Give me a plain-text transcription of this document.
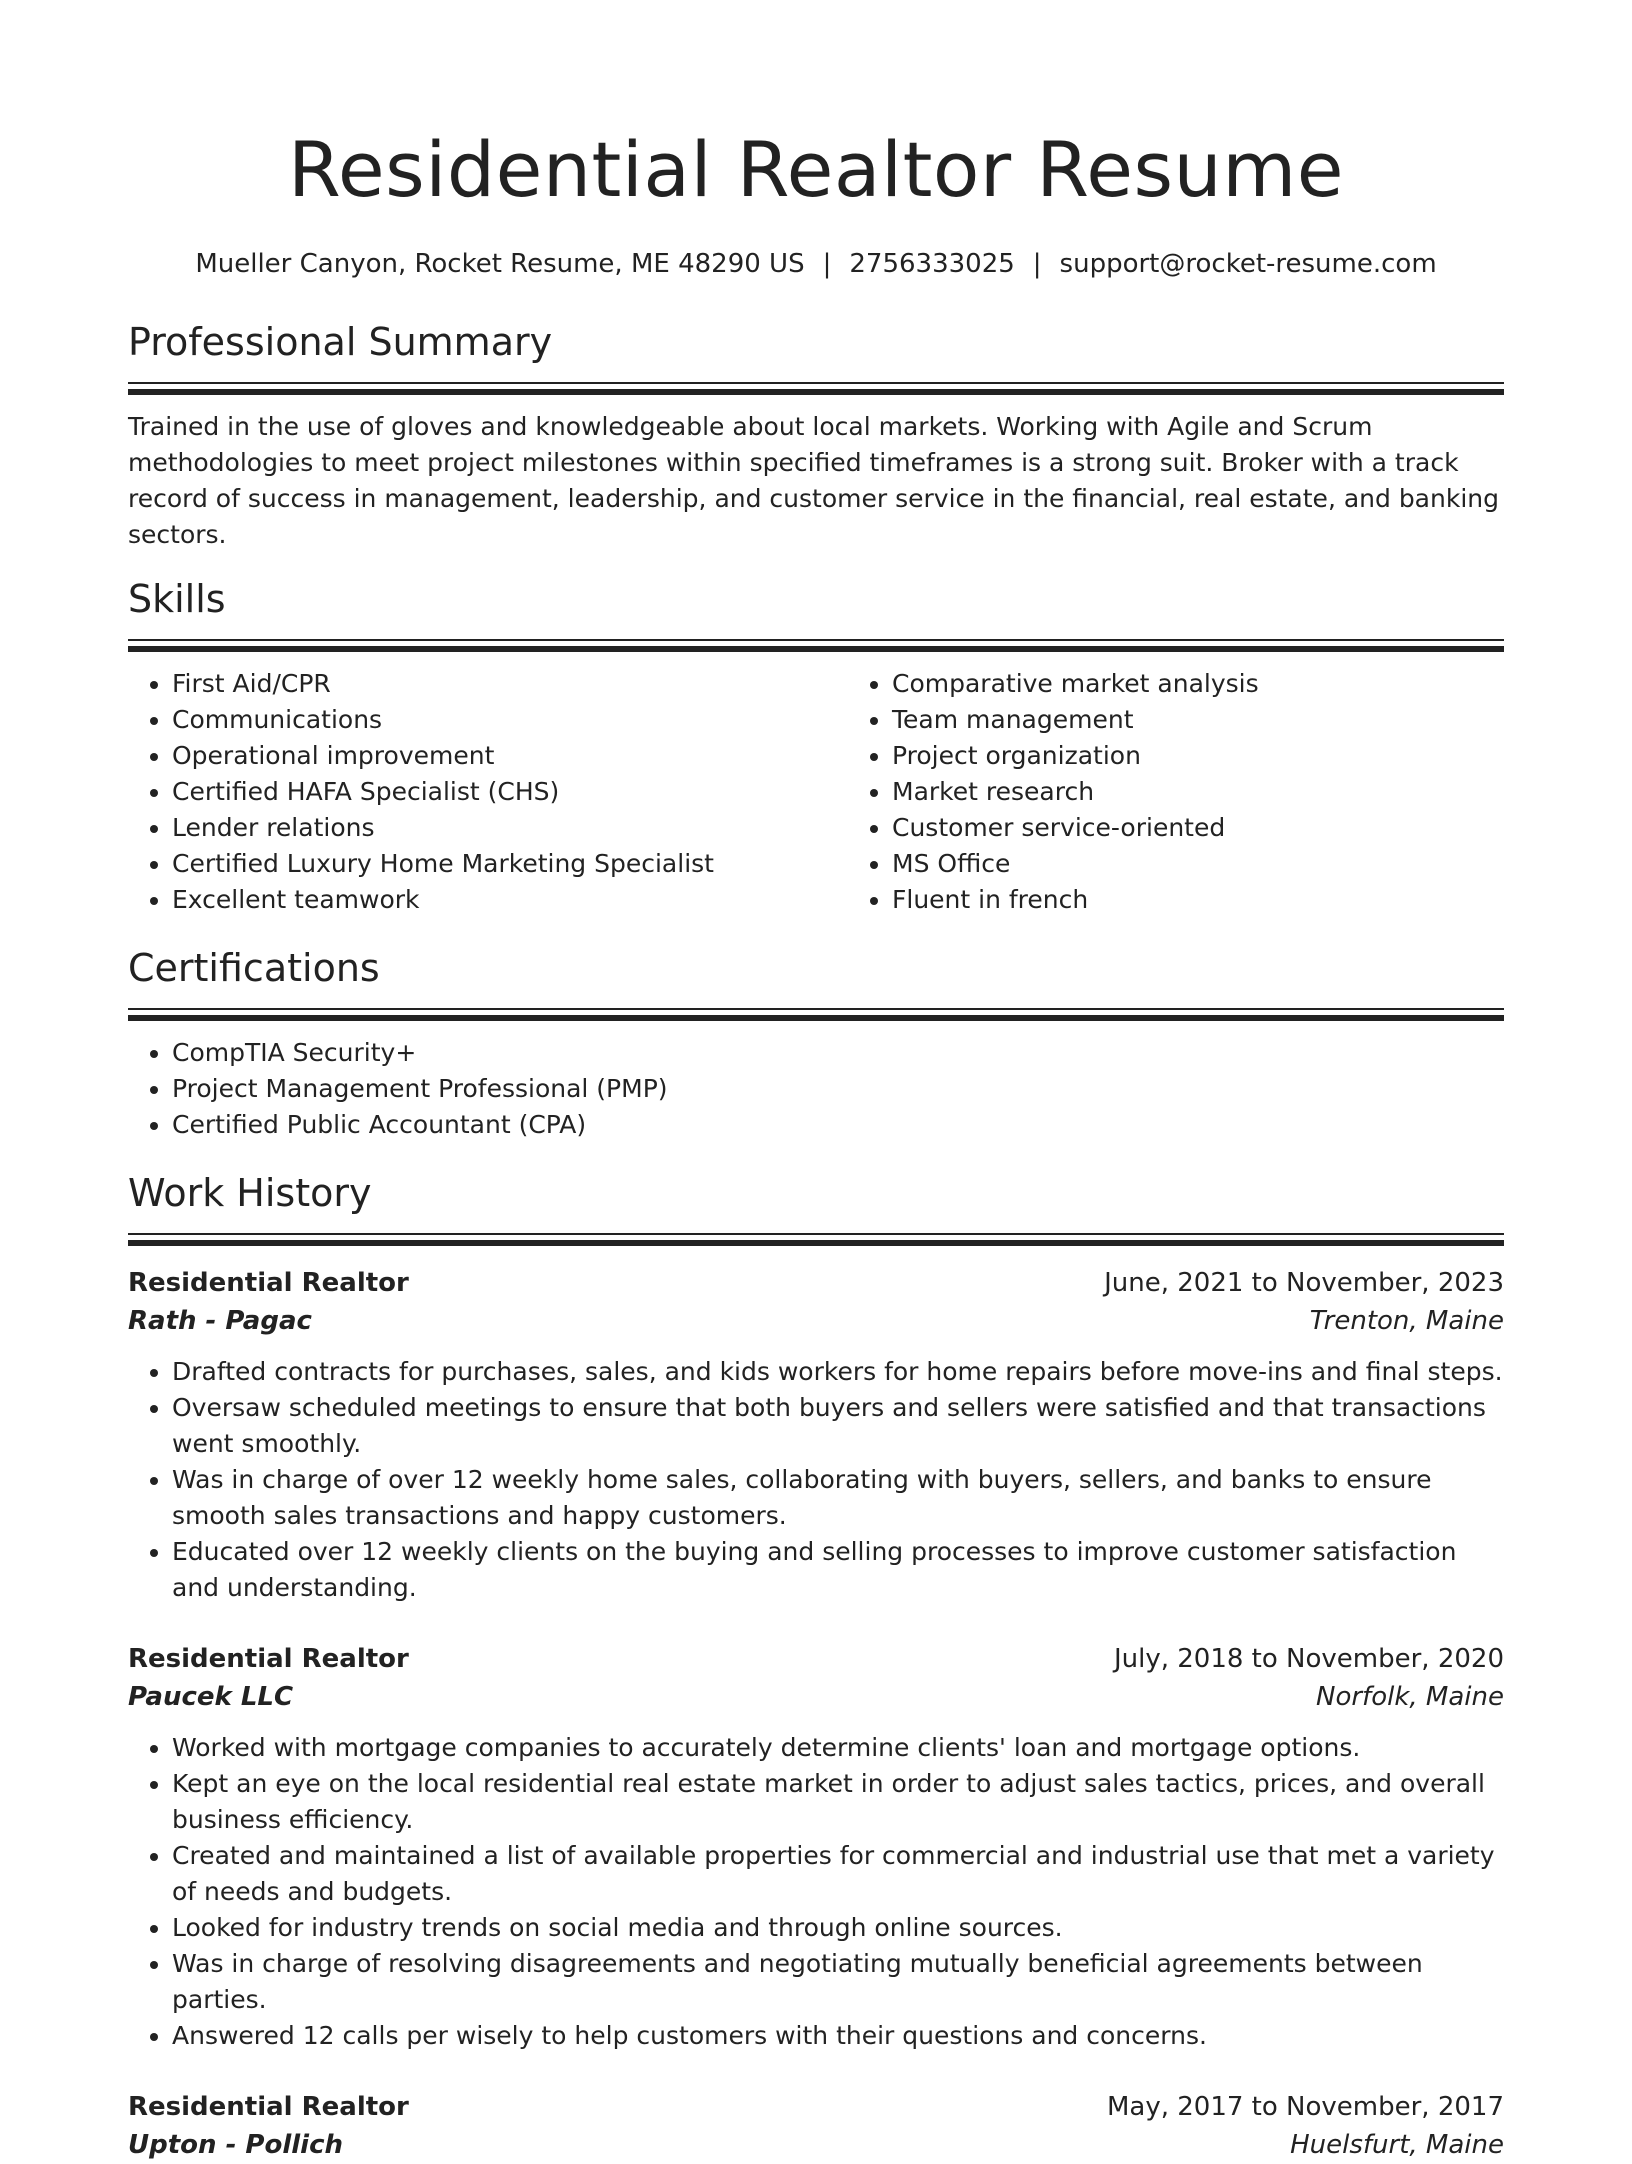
Residential Realtor Resume
Mueller Canyon, Rocket Resume, ME 48290 US | 2756333025 | support@rocket-resume.com
Professional Summary

Trained in the use of gloves and knowledgeable about local markets. Working with Agile and Scrum methodologies to meet project milestones within specified timeframes is a strong suit. Broker with a track record of success in management, leadership, and customer service in the financial, real estate, and banking sectors.

Skills
• First Aid/CPR
• Communications
• Operational improvement
• Certified HAFA Specialist (CHS)
• Lender relations
• Certified Luxury Home Marketing Specialist
• Excellent teamwork
• Comparative market analysis
• Team management
• Project organization
• Market research
• Customer service-oriented
• MS Office
• Fluent in french
Certifications
• CompTIA Security+
• Project Management Professional (PMP)
• Certified Public Accountant (CPA)
Work History
Residential Realtor	June, 2021 to November, 2023
Rath - Pagac	Trenton, Maine
• Drafted contracts for purchases, sales, and kids workers for home repairs before move-ins and final steps.
• Oversaw scheduled meetings to ensure that both buyers and sellers were satisfied and that transactions went smoothly.
• Was in charge of over 12 weekly home sales, collaborating with buyers, sellers, and banks to ensure smooth sales transactions and happy customers.
• Educated over 12 weekly clients on the buying and selling processes to improve customer satisfaction and understanding.
Residential Realtor	July, 2018 to November, 2020
Paucek LLC	Norfolk, Maine
• Worked with mortgage companies to accurately determine clients' loan and mortgage options.
• Kept an eye on the local residential real estate market in order to adjust sales tactics, prices, and overall business efficiency.
• Created and maintained a list of available properties for commercial and industrial use that met a variety of needs and budgets.
• Looked for industry trends on social media and through online sources.
• Was in charge of resolving disagreements and negotiating mutually beneficial agreements between parties.
• Answered 12 calls per wisely to help customers with their questions and concerns.
Residential Realtor	May, 2017 to November, 2017
Upton - Pollich	Huelsfurt, Maine
